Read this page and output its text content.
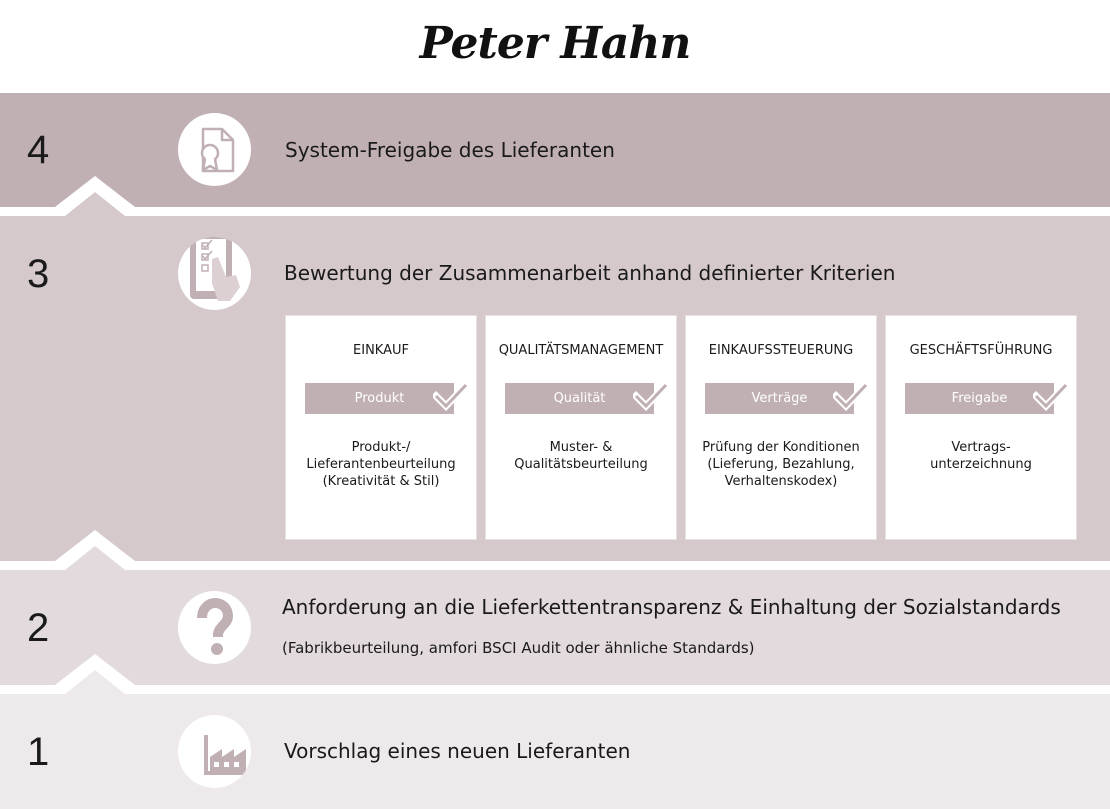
Peter Hahn
4	System-Freigabe des Lieferanten
3	Bewertung der Zusammenarbeit anhand definierter Kriterien
EINKAUF
Produkt
Produkt-/
Lieferantenbeurteilung
(Kreativität & Stil)
QUALITÄTSMANAGEMENT
Qualität
Muster- &
Qualitätsbeurteilung
EINKAUFSSTEUERUNG
Verträge
Prüfung der Konditionen
(Lieferung, Bezahlung,
Verhaltenskodex)
GESCHÄFTSFÜHRUNG
Freigabe
Vertrags-
unterzeichnung
2	Anforderung an die Lieferkettentransparenz & Einhaltung der Sozialstandards
(Fabrikbeurteilung, amfori BSCI Audit oder ähnliche Standards)
1	Vorschlag eines neuen Lieferanten
